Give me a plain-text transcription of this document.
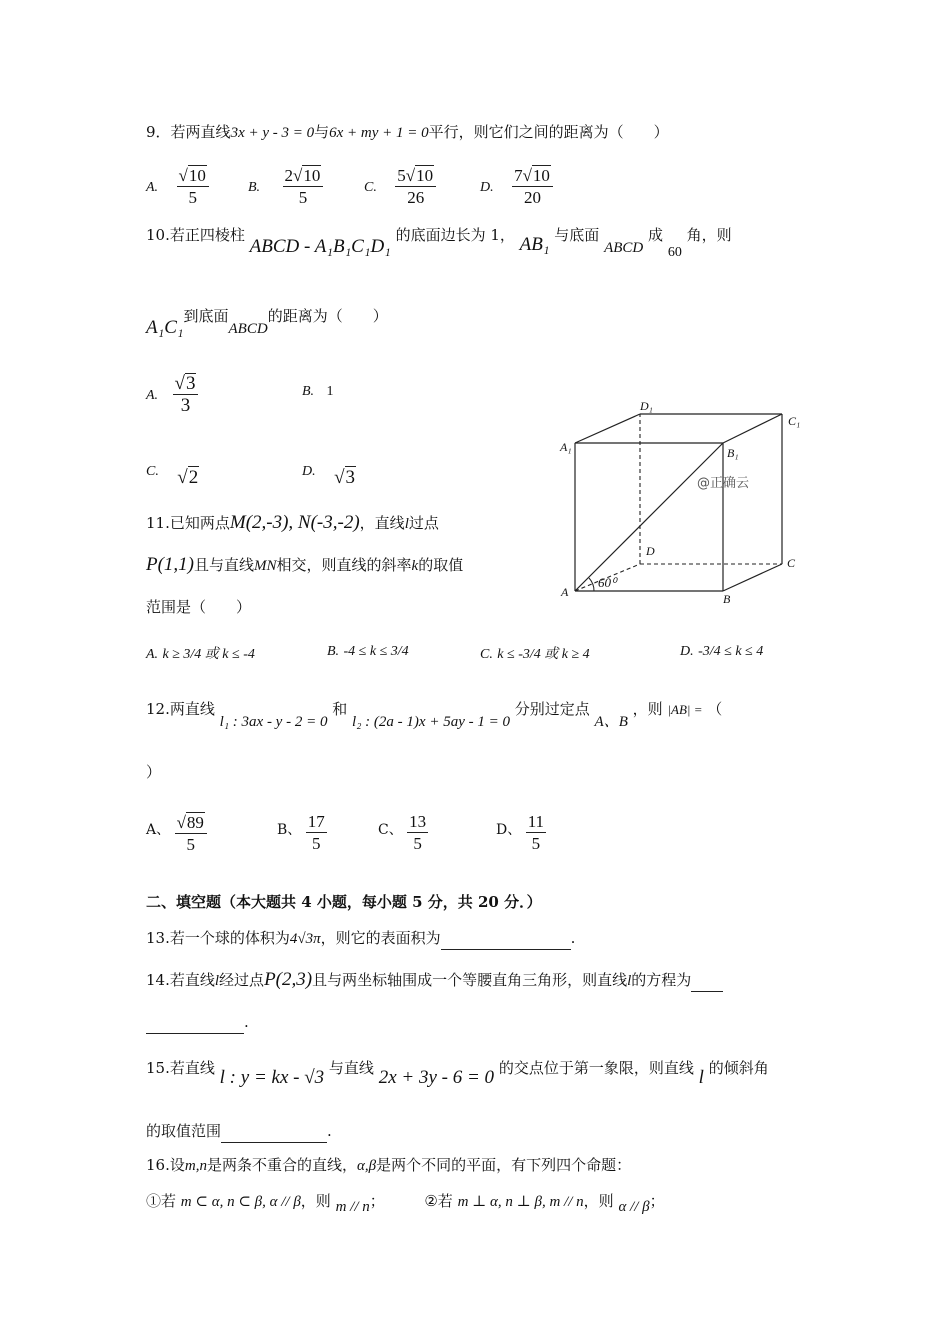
9．若两直线3x + y - 3 = 0与6x + my + 1 = 0平行，则它们之间的距离为（　　）
A. $\frac{√10}{5}$	B. $\frac{2√10}{5}$	C. $\frac{5√10}{26}$	D. $\frac{7√10}{20}$
10.若正四棱柱 ABCD - A₁B₁C₁D₁ 的底面边长为 1， AB₁ 与底面 ABCD 成 60 角，则
A₁C₁到底面ABCD的距离为（　　）
A. $\frac{√3}{3}$	B. 1
C. √2	D. √3
A	B
C
D
A₁	B₁
C₁
D₁
60⁰
@正确云
11.已知两点M(2,-3), N(-3,-2)，直线l过点
P(1,1)且与直线MN相交，则直线的斜率k的取值
范围是（　　）
A. k ≥ 3/4 或 k ≤ -4	B. -4 ≤ k ≤ 3/4	C. k ≤ -3/4 或 k ≥ 4	D. -3/4 ≤ k ≤ 4
12.两直线 l₁ : 3ax - y - 2 = 0 和 l₂ : (2a - 1)x + 5ay - 1 = 0 分别过定点 A、B ，则 |AB| = （
）
A、 $\frac{√89}{5}$	B、 $\frac{17}{5}$	C、 $\frac{13}{5}$	D、 $\frac{11}{5}$
二、填空题（本大题共 4 小题，每小题 5 分，共 20 分．）
13.若一个球的体积为4√3π，则它的表面积为	.
14.若直线l经过点P(2,3)且与两坐标轴围成一个等腰直角三角形，则直线l的方程为
.
15.若直线 l : y = kx - √3 与直线 2x + 3y - 6 = 0 的交点位于第一象限，则直线 l 的倾斜角
的取值范围	.
16.设m,n是两条不重合的直线，α,β是两个不同的平面，有下列四个命题：
①若 m ⊂ α, n ⊂ β, α // β，则 m // n；	②若 m ⊥ α, n ⊥ β, m // n，则 α // β；
